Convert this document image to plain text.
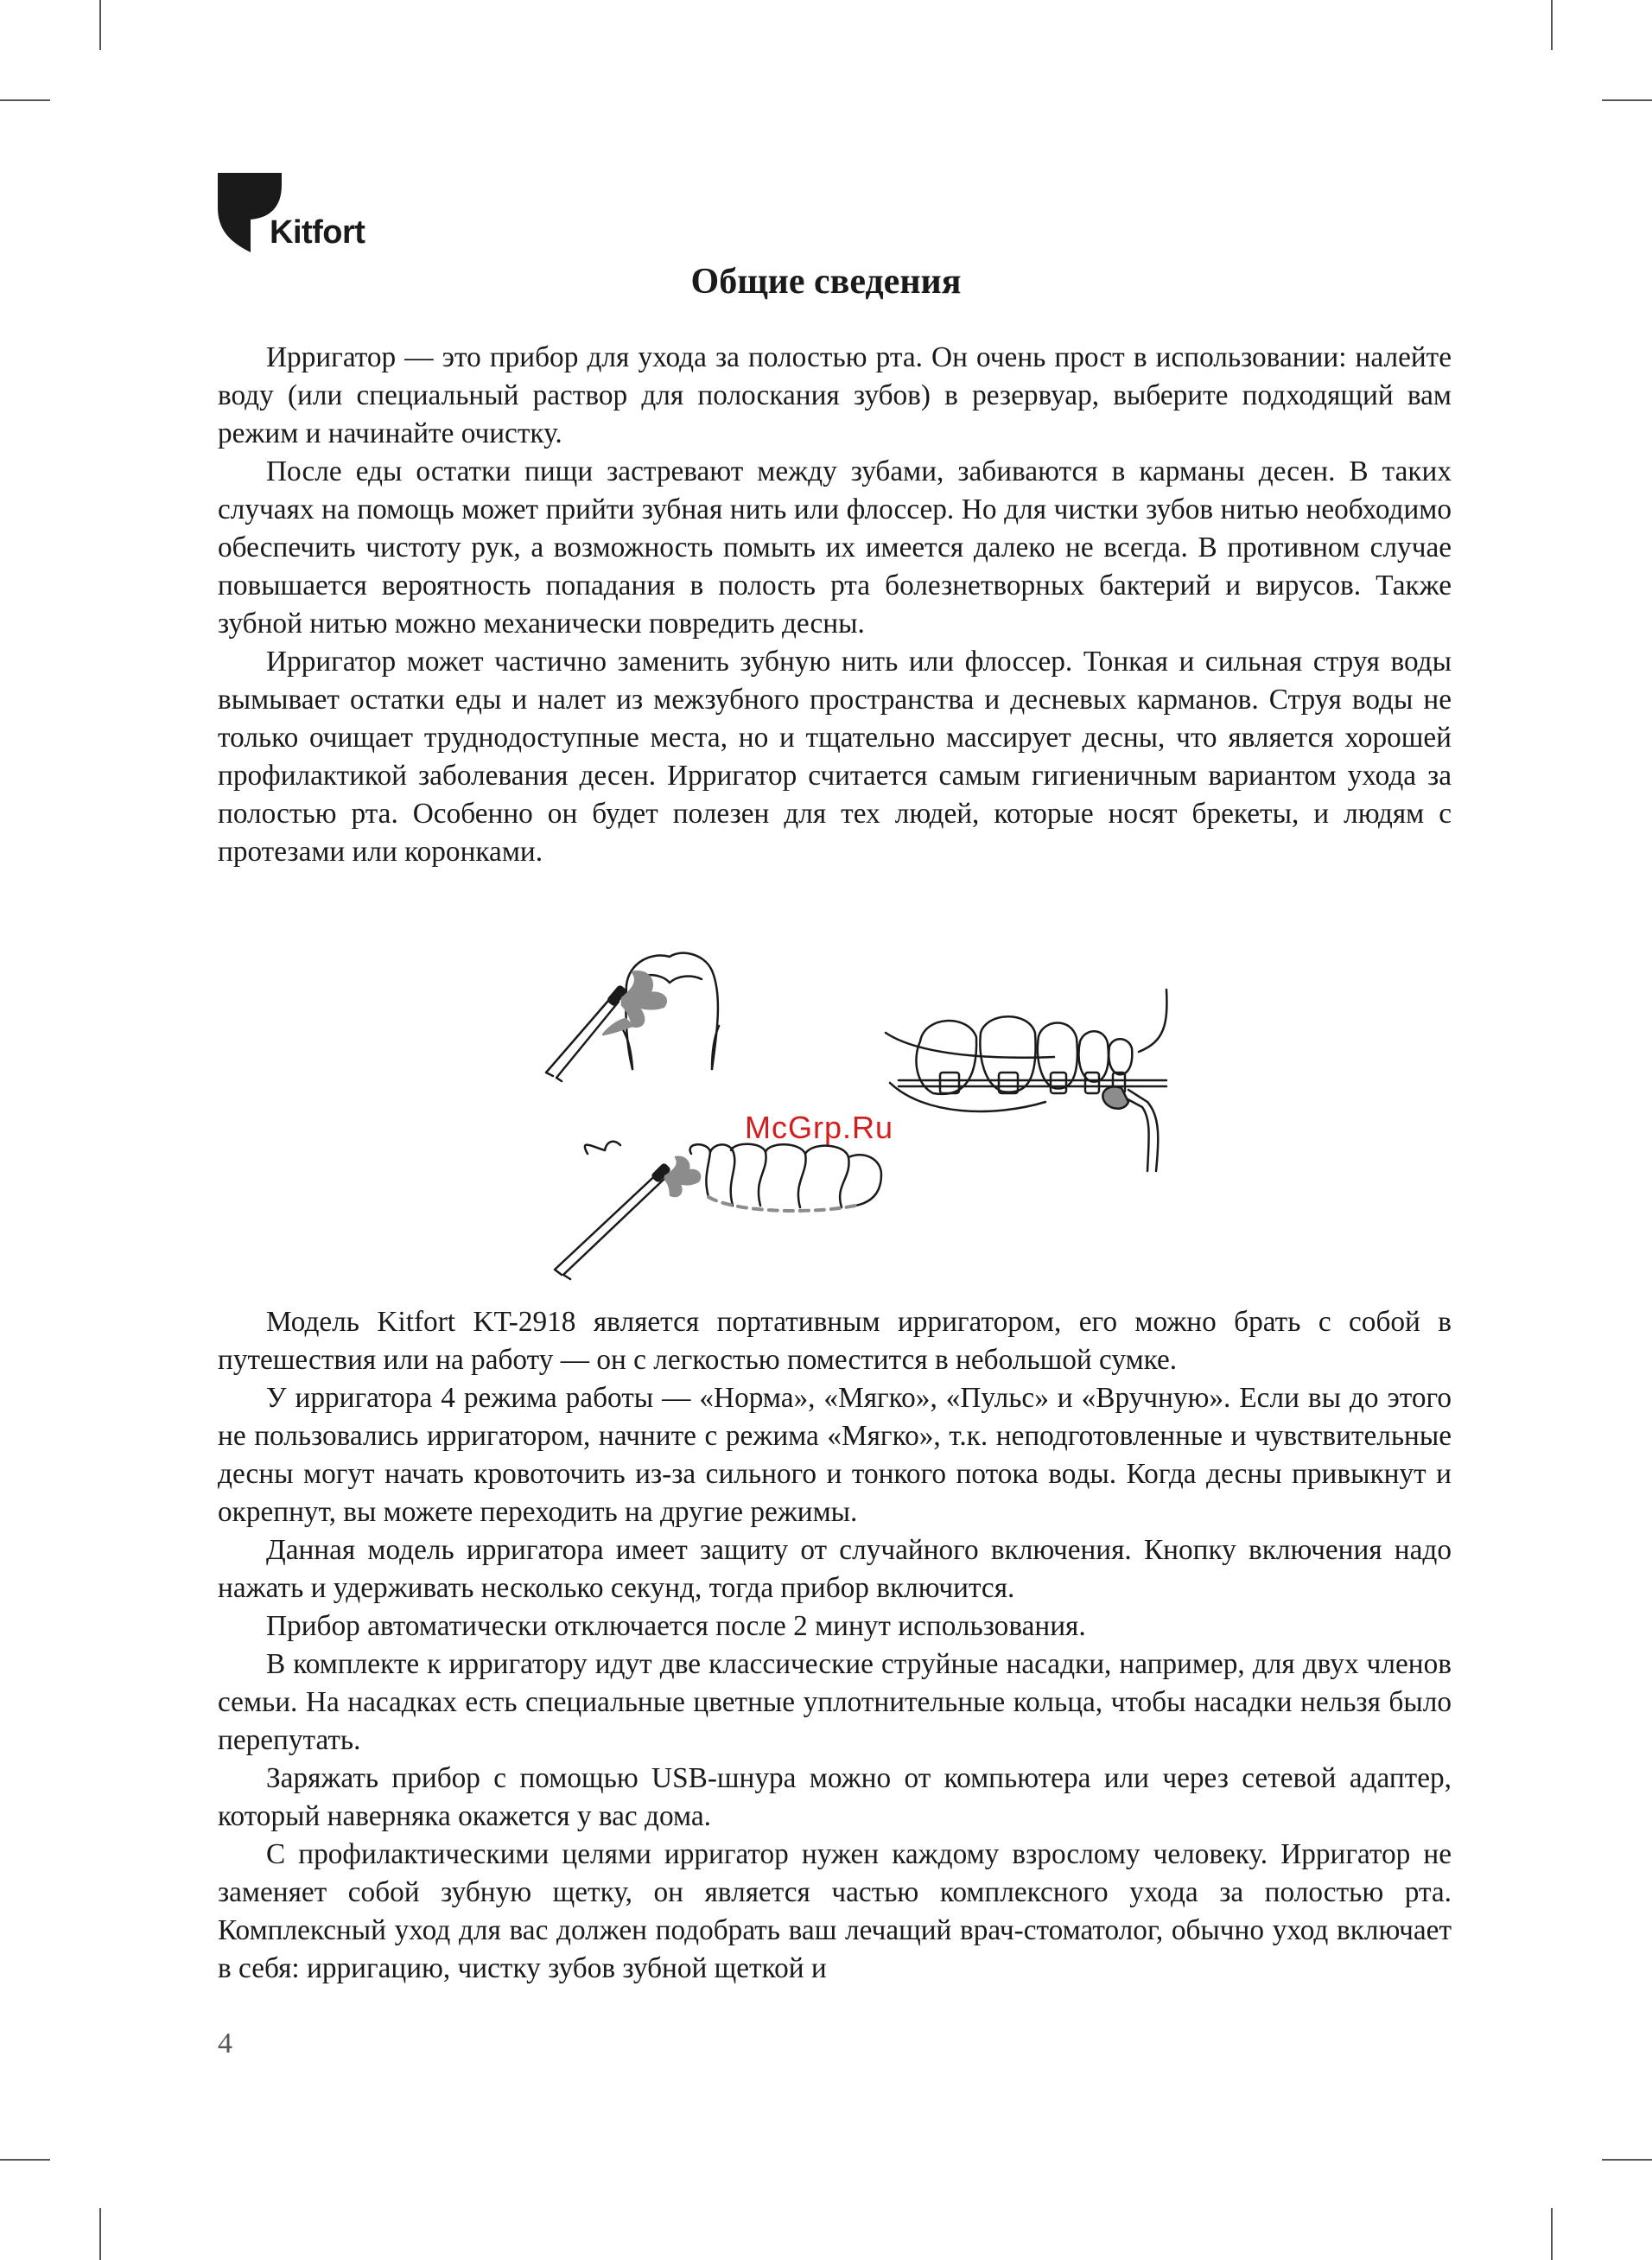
Kitfort
Общие сведения

Ирригатор — это прибор для ухода за полостью рта. Он очень прост в использовании: налейте воду (или специальный раствор для полоскания зубов) в резервуар, выберите подходящий вам режим и начинайте очистку.

После еды остатки пищи застревают между зубами, забиваются в карманы десен. В таких случаях на помощь может прийти зубная нить или флоссер. Но для чистки зубов нитью необходимо обеспечить чистоту рук, а возможность помыть их имеется далеко не всегда. В противном случае повышается вероятность попадания в полость рта болезнетворных бактерий и вирусов. Также зубной нитью можно механически повредить десны.

Ирригатор может частично заменить зубную нить или флоссер. Тонкая и сильная струя воды вымывает остатки еды и налет из межзубного пространства и десневых карманов. Струя воды не только очищает труднодоступные места, но и тщательно массирует десны, что является хорошей профилактикой заболевания десен. Ирригатор считается самым гигиеничным вариантом ухода за полостью рта. Особенно он будет полезен для тех людей, которые носят брекеты, и людям с протезами или коронками.

McGrp.Ru

Модель Kitfort KT-2918 является портативным ирригатором, его можно брать с собой в путешествия или на работу — он с легкостью поместится в небольшой сумке.

У ирригатора 4 режима работы — «Норма», «Мягко», «Пульс» и «Вручную». Если вы до этого не пользовались ирригатором, начните с режима «Мягко», т.к. неподготовленные и чувствительные десны могут начать кровоточить из-за сильного и тонкого потока воды. Когда десны привыкнут и окрепнут, вы можете переходить на другие режимы.

Данная модель ирригатора имеет защиту от случайного включения. Кнопку включения надо нажать и удерживать несколько секунд, тогда прибор включится.

Прибор автоматически отключается после 2 минут использования.

В комплекте к ирригатору идут две классические струйные насадки, например, для двух членов семьи. На насадках есть специальные цветные уплотнительные кольца, чтобы насадки нельзя было перепутать.

Заряжать прибор с помощью USB-шнура можно от компьютера или через сетевой адаптер, который наверняка окажется у вас дома.

С профилактическими целями ирригатор нужен каждому взрослому человеку. Ирригатор не заменяет собой зубную щетку, он является частью комплексного ухода за полостью рта. Комплексный уход для вас должен подобрать ваш лечащий врач-стоматолог, обычно уход включает в себя: ирригацию, чистку зубов зубной щеткой и

4
